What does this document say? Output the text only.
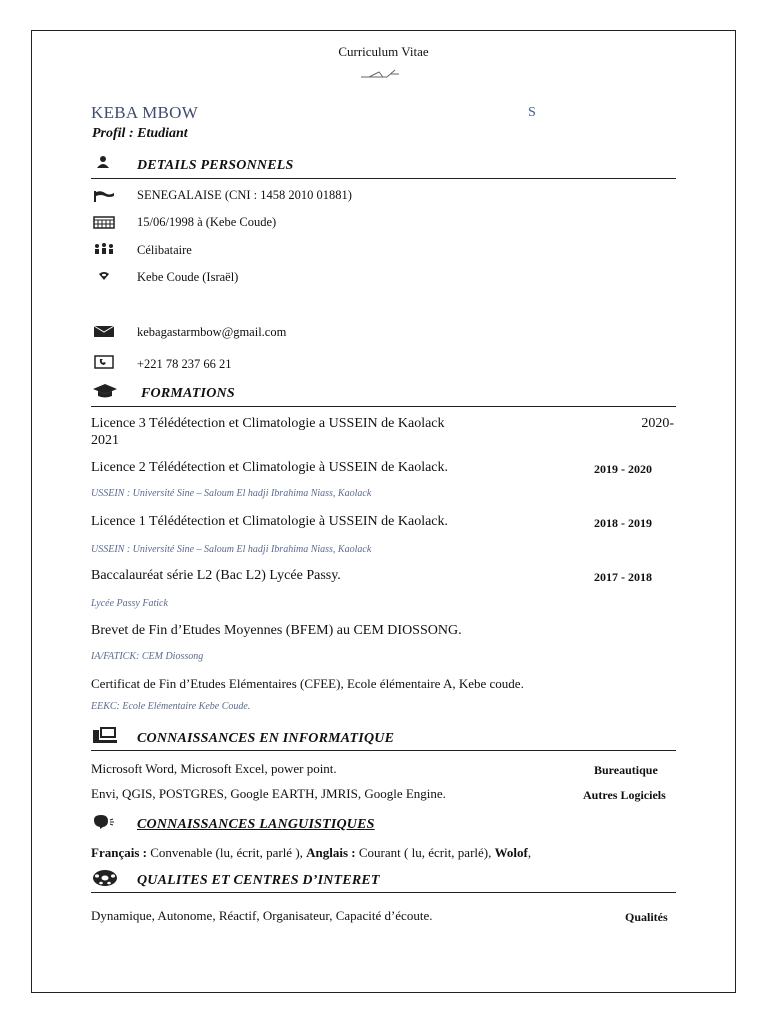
Curriculum Vitae
KEBA MBOW	S
Profil : Etudiant
DETAILS PERSONNELS
SENEGALAISE (CNI : 1458 2010 01881)
15/06/1998 à (Kebe Coude)
Célibataire
Kebe Coude (Israël)
kebagastarmbow@gmail.com
+221 78 237 66 21
FORMATIONS
Licence 3 Télédétection et Climatologie a USSEIN de Kaolack	2020-
2021
Licence 2 Télédétection et Climatologie à USSEIN de Kaolack.	2019 - 2020
USSEIN : Université Sine – Saloum El hadji Ibrahima Niass, Kaolack
Licence 1 Télédétection et Climatologie à USSEIN de Kaolack.	2018 - 2019
USSEIN : Université Sine – Saloum El hadji Ibrahima Niass, Kaolack
Baccalauréat série L2 (Bac L2) Lycée Passy.	2017 - 2018
Lycée Passy Fatick
Brevet de Fin d’Etudes Moyennes (BFEM) au CEM DIOSSONG.
IA/FATICK: CEM Diossong
Certificat de Fin d’Etudes Elémentaires (CFEE), Ecole élémentaire A, Kebe coude.
EEKC: Ecole Elémentaire Kebe Coude.
CONNAISSANCES EN INFORMATIQUE
Microsoft Word, Microsoft Excel, power point.	Bureautique
Envi, QGIS, POSTGRES, Google EARTH, JMRIS, Google Engine.	Autres Logiciels
CONNAISSANCES LANGUISTIQUES
Français : Convenable (lu, écrit, parlé ), Anglais : Courant ( lu, écrit, parlé), Wolof,
QUALITES ET CENTRES D’INTERET
Dynamique, Autonome, Réactif, Organisateur, Capacité d’écoute.	Qualités
